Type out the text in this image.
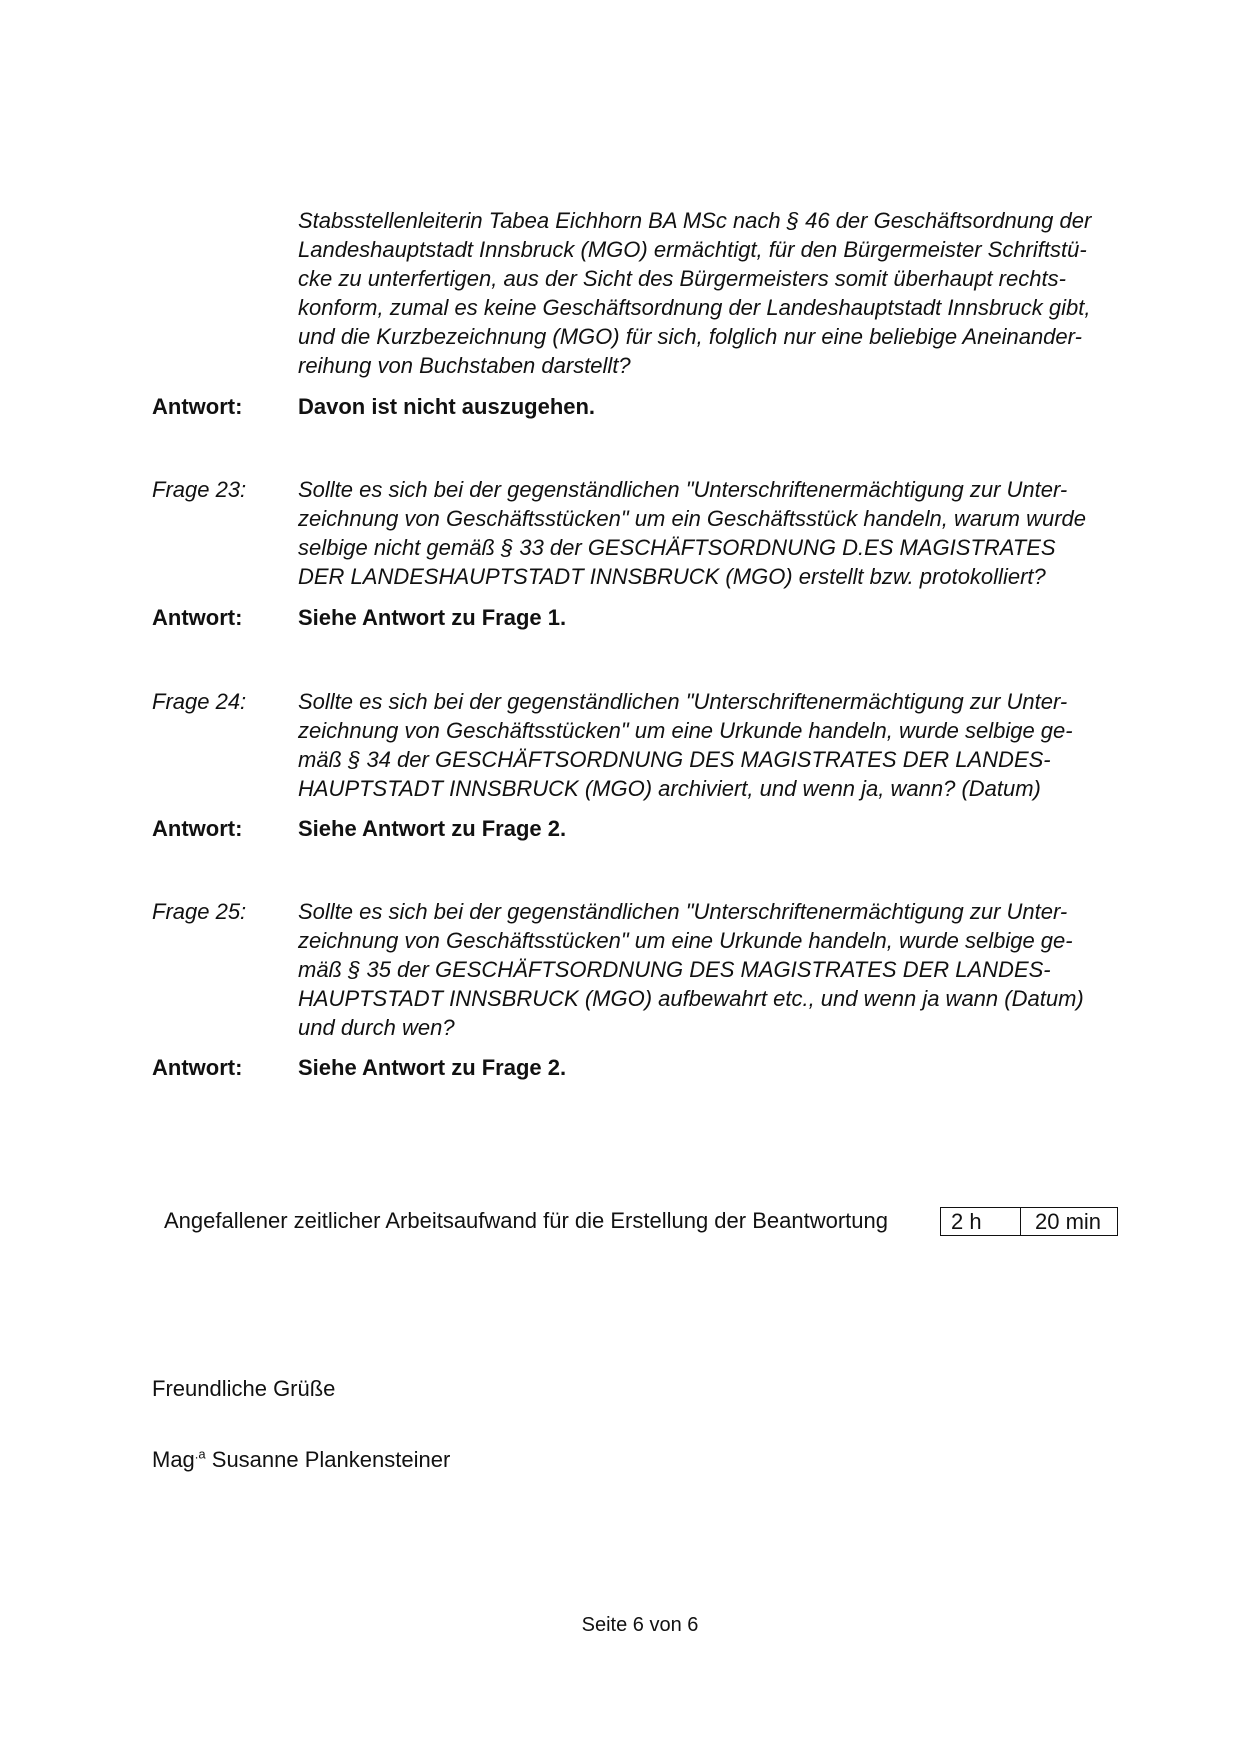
Stabsstellenleiterin Tabea Eichhorn BA MSc nach § 46 der Geschäftsordnung der
Landeshauptstadt Innsbruck (MGO) ermächtigt, für den Bürgermeister Schriftstü-
cke zu unterfertigen, aus der Sicht des Bürgermeisters somit überhaupt rechts-
konform, zumal es keine Geschäftsordnung der Landeshauptstadt Innsbruck gibt,
und die Kurzbezeichnung (MGO) für sich, folglich nur eine beliebige Aneinander-
reihung von Buchstaben darstellt?
Antwort:	Davon ist nicht auszugehen.
Frage 23: Sollte es sich bei der gegenständlichen "Unterschriftenermächtigung zur Unter-
zeichnung von Geschäftsstücken" um ein Geschäftsstück handeln, warum wurde
selbige nicht gemäß § 33 der GESCHÄFTSORDNUNG D.ES MAGISTRATES
DER LANDESHAUPTSTADT INNSBRUCK (MGO) erstellt bzw. protokolliert?
Antwort:	Siehe Antwort zu Frage 1.
Frage 24: Sollte es sich bei der gegenständlichen "Unterschriftenermächtigung zur Unter-
zeichnung von Geschäftsstücken" um eine Urkunde handeln, wurde selbige ge-
mäß § 34 der GESCHÄFTSORDNUNG DES MAGISTRATES DER LANDES-
HAUPTSTADT INNSBRUCK (MGO) archiviert, und wenn ja, wann? (Datum)
Antwort:	Siehe Antwort zu Frage 2.
Frage 25: Sollte es sich bei der gegenständlichen "Unterschriftenermächtigung zur Unter-
zeichnung von Geschäftsstücken" um eine Urkunde handeln, wurde selbige ge-
mäß § 35 der GESCHÄFTSORDNUNG DES MAGISTRATES DER LANDES-
HAUPTSTADT INNSBRUCK (MGO) aufbewahrt etc., und wenn ja wann (Datum)
und durch wen?
Antwort:	Siehe Antwort zu Frage 2.
Angefallener zeitlicher Arbeitsaufwand für die Erstellung der Beantwortung	2 h	20 min
Freundliche Grüße
Mag$^{.a}$ Susanne Plankensteiner
Seite 6 von 6
